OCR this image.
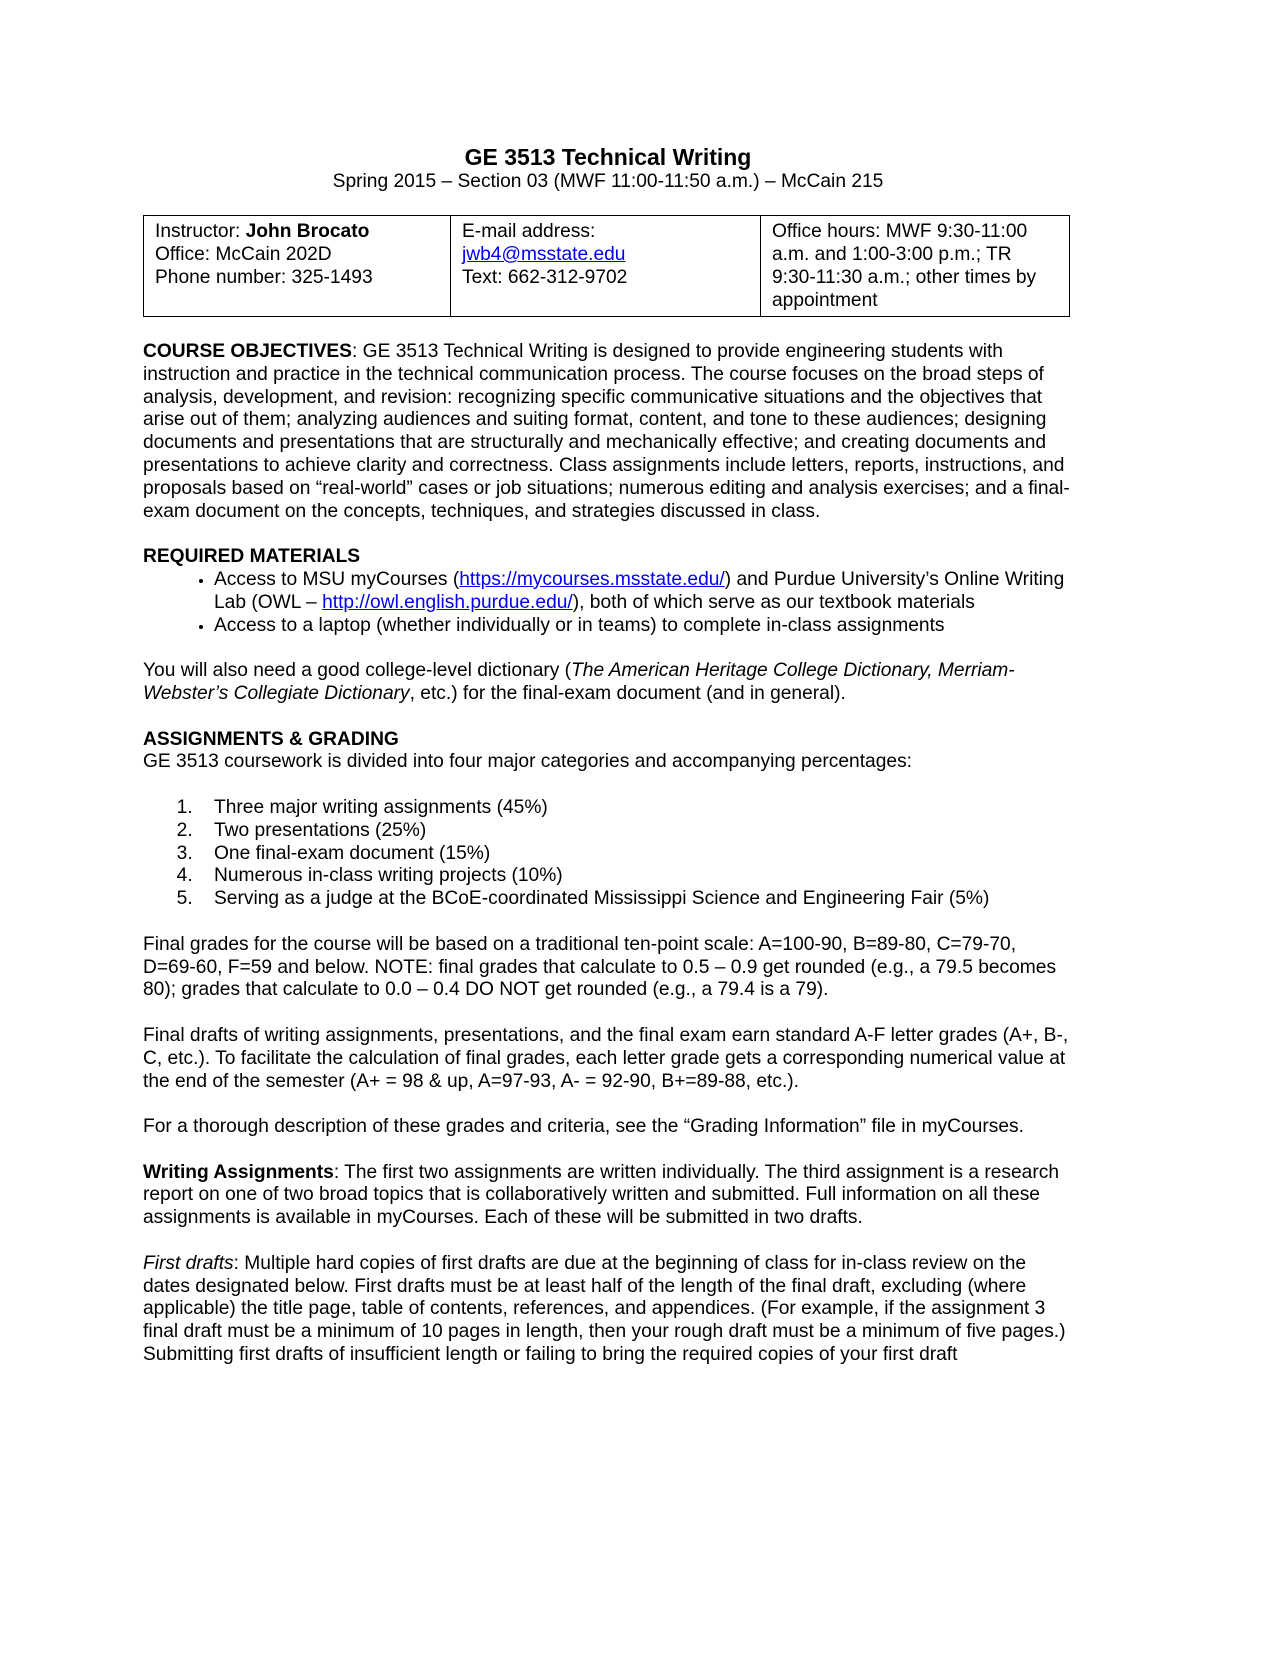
GE 3513 Technical Writing
Spring 2015 – Section 03 (MWF 11:00-11:50 a.m.) – McCain 215
Instructor: John Brocato
Office: McCain 202D
Phone number: 325-1493

E-mail address:
jwb4@msstate.edu
Text: 662-312-9702

Office hours: MWF 9:30-11:00 a.m. and 1:00-3:00 p.m.; TR 9:30-11:30 a.m.; other times by appointment

COURSE OBJECTIVES: GE 3513 Technical Writing is designed to provide engineering students with instruction and practice in the technical communication process. The course focuses on the broad steps of analysis, development, and revision: recognizing specific communicative situations and the objectives that arise out of them; analyzing audiences and suiting format, content, and tone to these audiences; designing documents and presentations that are structurally and mechanically effective; and creating documents and presentations to achieve clarity and correctness. Class assignments include letters, reports, instructions, and proposals based on “real-world” cases or job situations; numerous editing and analysis exercises; and a final-exam document on the concepts, techniques, and strategies discussed in class.

REQUIRED MATERIALS
• Access to MSU myCourses (https://mycourses.msstate.edu/) and Purdue University’s Online Writing Lab (OWL – http://owl.english.purdue.edu/), both of which serve as our textbook materials
• Access to a laptop (whether individually or in teams) to complete in-class assignments

You will also need a good college-level dictionary (The American Heritage College Dictionary, Merriam-Webster’s Collegiate Dictionary, etc.) for the final-exam document (and in general).

ASSIGNMENTS & GRADING

GE 3513 coursework is divided into four major categories and accompanying percentages:

1. Three major writing assignments (45%)
2. Two presentations (25%)
3. One final-exam document (15%)
4. Numerous in-class writing projects (10%)
5. Serving as a judge at the BCoE-coordinated Mississippi Science and Engineering Fair (5%)

Final grades for the course will be based on a traditional ten-point scale: A=100-90, B=89-80, C=79-70, D=69-60, F=59 and below. NOTE: final grades that calculate to 0.5 – 0.9 get rounded (e.g., a 79.5 becomes 80); grades that calculate to 0.0 – 0.4 DO NOT get rounded (e.g., a 79.4 is a 79).

Final drafts of writing assignments, presentations, and the final exam earn standard A-F letter grades (A+, B-, C, etc.). To facilitate the calculation of final grades, each letter grade gets a corresponding numerical value at the end of the semester (A+ = 98 & up, A=97-93, A- = 92-90, B+=89-88, etc.).

For a thorough description of these grades and criteria, see the “Grading Information” file in myCourses.

Writing Assignments: The first two assignments are written individually. The third assignment is a research report on one of two broad topics that is collaboratively written and submitted. Full information on all these assignments is available in myCourses. Each of these will be submitted in two drafts.

First drafts: Multiple hard copies of first drafts are due at the beginning of class for in-class review on the dates designated below. First drafts must be at least half of the length of the final draft, excluding (where applicable) the title page, table of contents, references, and appendices. (For example, if the assignment 3 final draft must be a minimum of 10 pages in length, then your rough draft must be a minimum of five pages.) Submitting first drafts of insufficient length or failing to bring the required copies of your first draft
